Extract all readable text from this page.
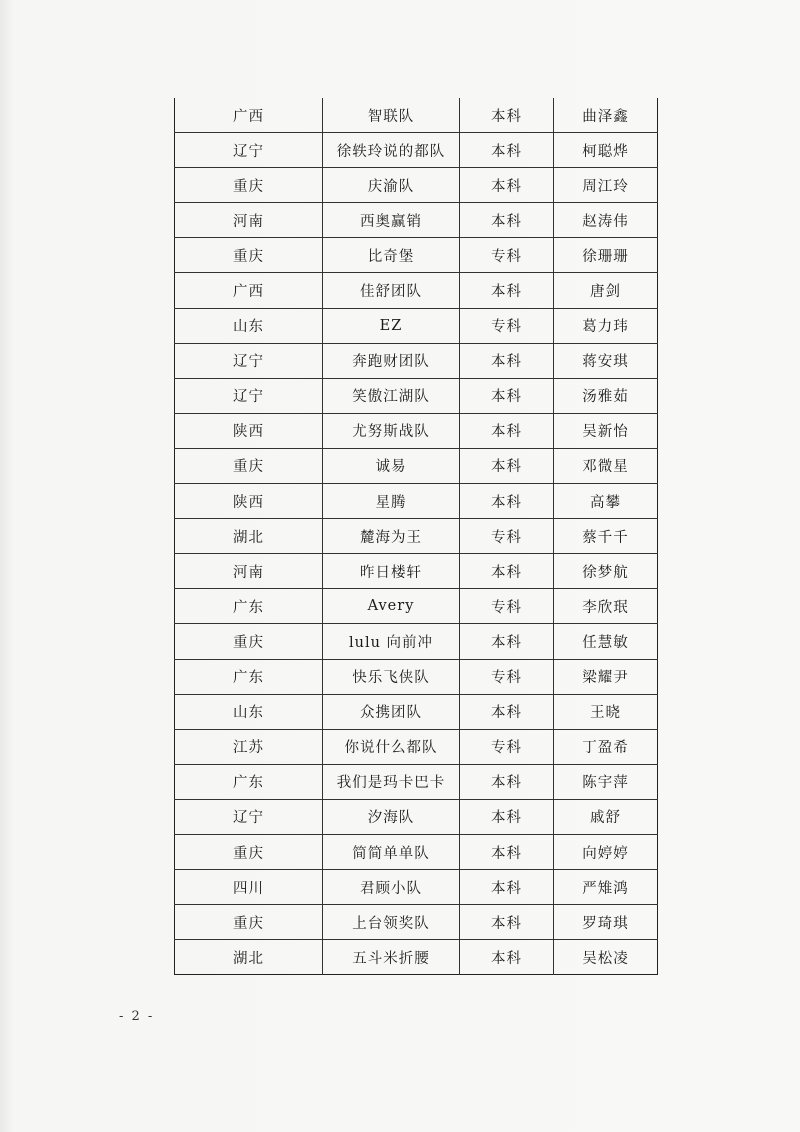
广西	智联队	本科	曲泽鑫
辽宁	徐轶玲说的都队	本科	柯聪烨
重庆	庆渝队	本科	周江玲
河南	西奥赢销	本科	赵涛伟
重庆	比奇堡	专科	徐珊珊
广西	佳舒团队	本科	唐剑
山东	EZ	专科	葛力玮
辽宁	奔跑财团队	本科	蒋安琪
辽宁	笑傲江湖队	本科	汤雅茹
陕西	尤努斯战队	本科	吴新怡
重庆	诚易	本科	邓微星
陕西	星腾	本科	高攀
湖北	麓海为王	专科	蔡千千
河南	昨日楼轩	本科	徐梦航
广东	Avery	专科	李欣珉
重庆	lulu 向前冲	本科	任慧敏
广东	快乐飞侠队	专科	梁耀尹
山东	众携团队	本科	王晓
江苏	你说什么都队	专科	丁盈希
广东	我们是玛卡巴卡	本科	陈宇萍
辽宁	汐海队	本科	戚舒
重庆	简简单单队	本科	向婷婷
四川	君顾小队	本科	严雉鸿
重庆	上台领奖队	本科	罗琦琪
湖北	五斗米折腰	本科	吴松凌
- 2 -
